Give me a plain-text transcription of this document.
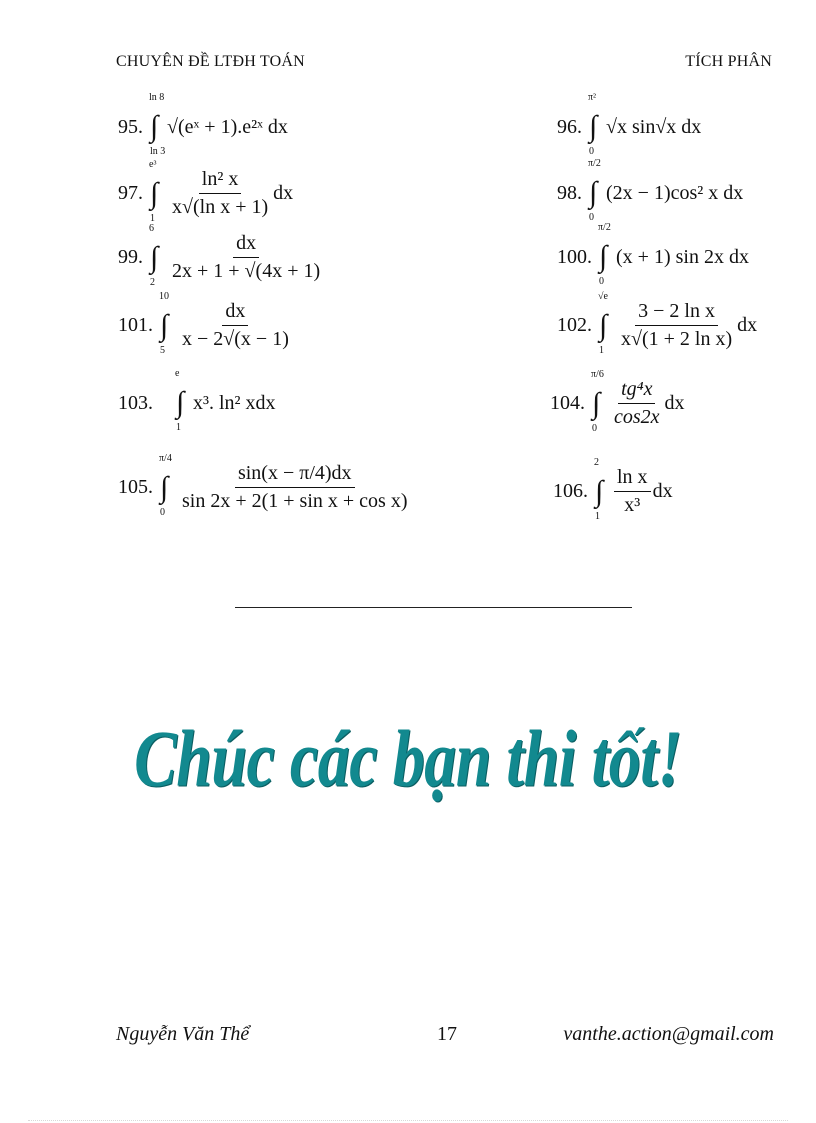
CHUYÊN ĐỀ LTĐH TOÁN	TÍCH PHÂN
95. ∫
ln 8
ln 3
√(eˣ + 1).e²ˣ dx	96. ∫
π²
0
√x sin√x dx
97. ∫
e³
$1 \frac{\text{ln² x}}{\text{x√(ln x + 1)}}$ dx	98. ∫
π/2
0
(2x − 1)cos² x dx
99. ∫
6
$2 \frac{dx}{2x + 1 + √(4x + 1)}$	100. ∫
π/2
0
(x + 1) sin 2x dx
101. ∫
10
$5 \frac{dx}{x - 2√(x - 1)}$	102. ∫
√e
$1 \frac{\text{3 − 2 ln x}}{\text{x√(1 + 2 ln x)}}$ dx
103. ∫
e
1
x³. ln² xdx	104. ∫
π/6
$0 \frac{\text{tg⁴x}}{\cos 2x}$ dx
105. ∫
π/4
$0 \frac{\sin(x - \pi/4)dx}{\text{sin 2x + 2(1 + sin x + cos x)}}$	106. ∫
2
$1 \frac{\text{ln x}}{\text{x³}}$ dx
Chúc các bạn thi tốt!
Nguyễn Văn Thể	17	vanthe.action@gmail.com
